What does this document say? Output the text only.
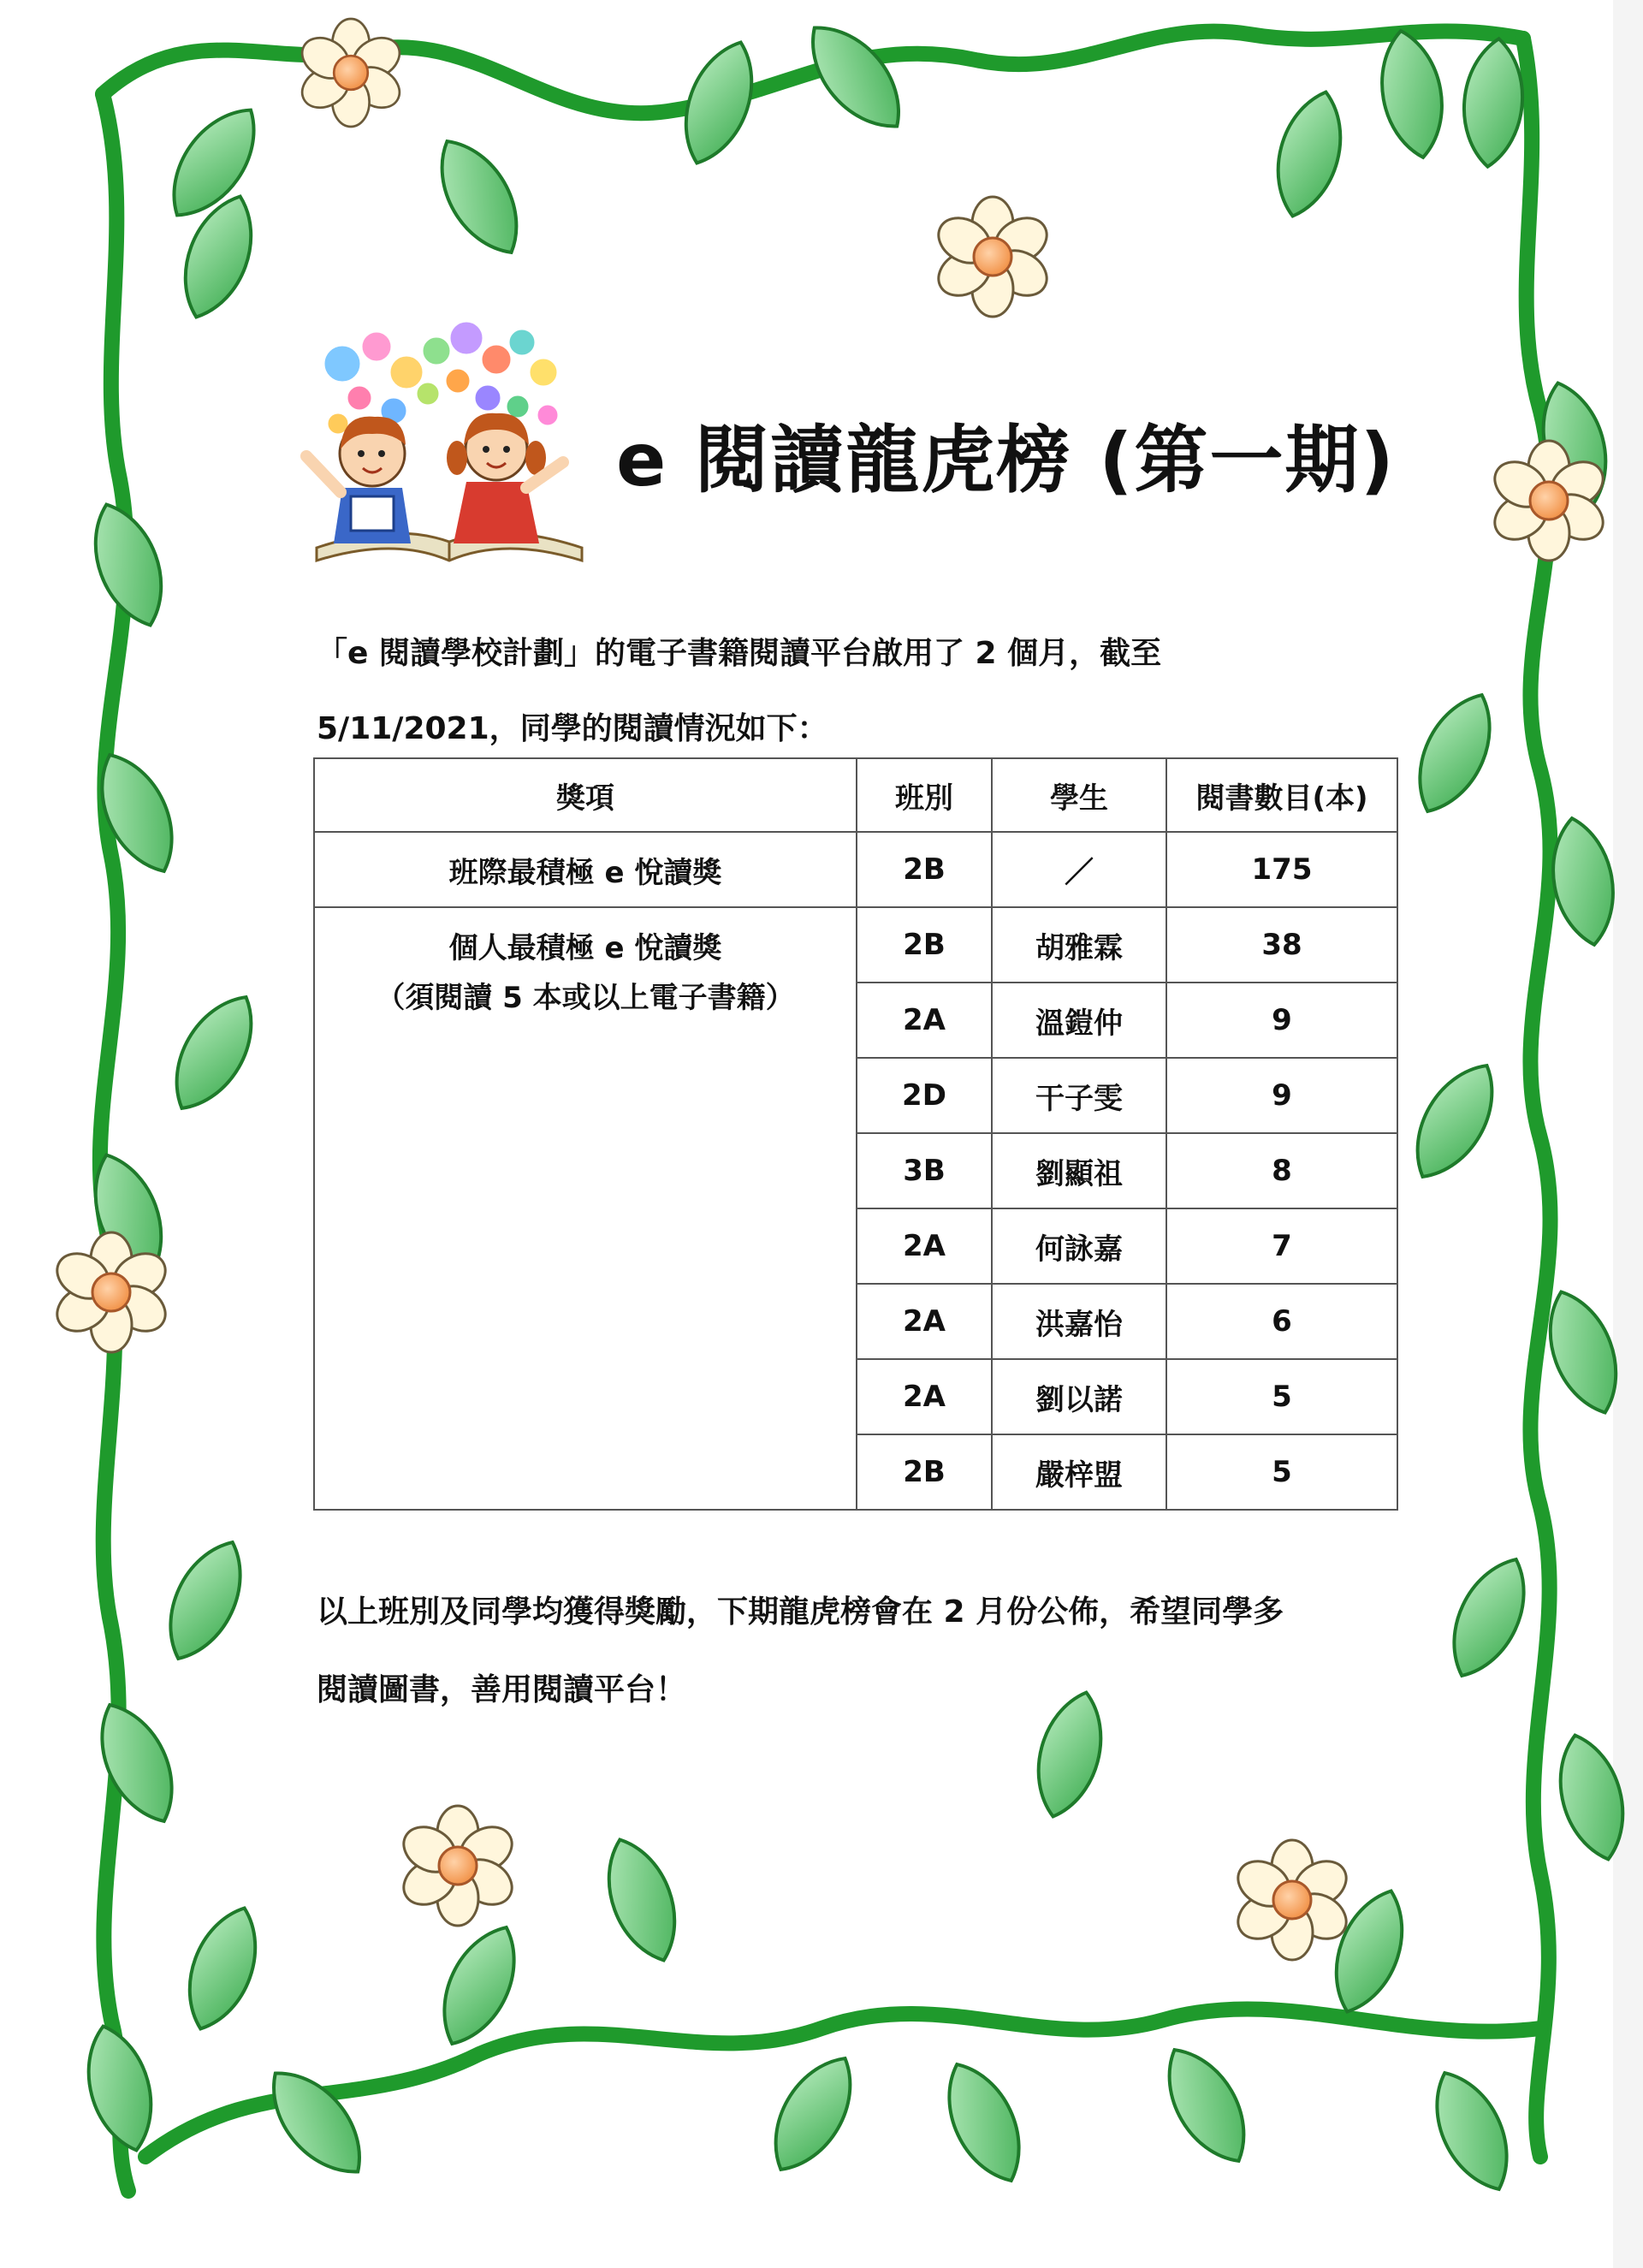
e 閱讀龍虎榜 (第一期)

「e 閱讀學校計劃」的電子書籍閱讀平台啟用了 2 個月，截至

5/11/2021，同學的閱讀情況如下：

獎項	班別	學生	閱書數目(本)
班際最積極 e 悅讀獎	2B	／	175

個人最積極 e 悅讀獎
（須閱讀 5 本或以上電子書籍）	2B	胡雅霖	38
	2A	溫鎧仲	9
	2D	干子雯	9
	3B	劉顯祖	8
	2A	何詠嘉	7
	2A	洪嘉怡	6
	2A	劉以諾	5
	2B	嚴梓盟	5

以上班別及同學均獲得獎勵，下期龍虎榜會在 2 月份公佈，希望同學多

閱讀圖書，善用閱讀平台！
